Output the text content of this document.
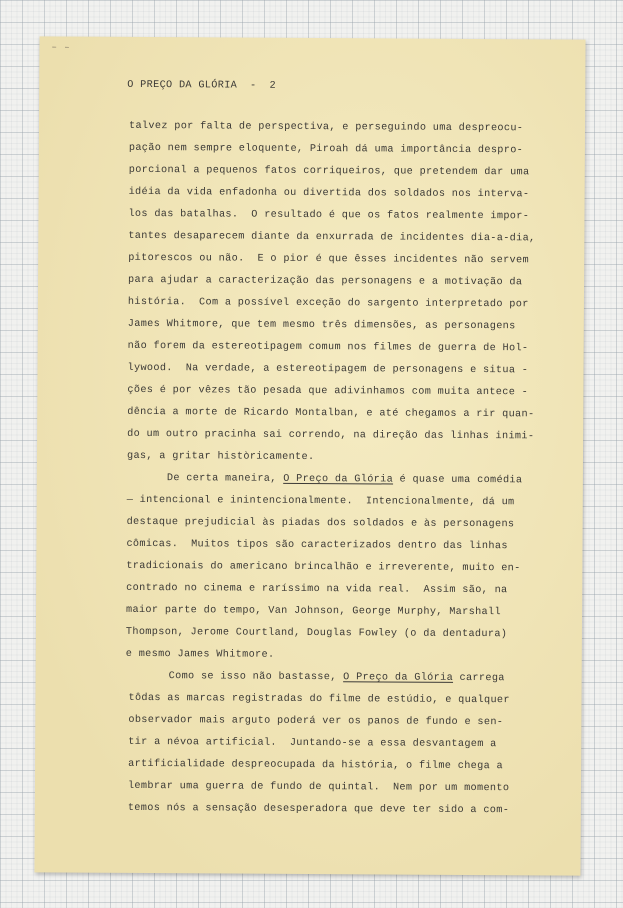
– –
O PREÇO DA GLÓRIA  -  2
talvez por falta de perspectiva, e perseguindo uma despreocu-
pação nem sempre eloquente, Piroah dá uma importância despro-
porcional a pequenos fatos corriqueiros, que pretendem dar uma
idéia da vida enfadonha ou divertida dos soldados nos interva-
los das batalhas.  O resultado é que os fatos realmente impor-
tantes desaparecem diante da enxurrada de incidentes dia-a-dia,
pitorescos ou não.  E o pior é que êsses incidentes não servem
para ajudar a caracterização das personagens e a motivação da
história.  Com a possível exceção do sargento interpretado por
James Whitmore, que tem mesmo três dimensões, as personagens
não forem da estereotipagem comum nos filmes de guerra de Hol-
lywood.  Na verdade, a estereotipagem de personagens e situa -
ções é por vêzes tão pesada que adivinhamos com muita antece -
dência a morte de Ricardo Montalban, e até chegamos a rir quan-
do um outro pracinha sai correndo, na direção das linhas inimi-
gas, a gritar històricamente.
De certa maneira, O Preço da Glória é quase uma comédia
— intencional e inintencionalmente.  Intencionalmente, dá um
destaque prejudicial às piadas dos soldados e às personagens
cômicas.  Muitos tipos são caracterizados dentro das linhas
tradicionais do americano brincalhão e irreverente, muito en-
contrado no cinema e raríssimo na vida real.  Assim são, na
maior parte do tempo, Van Johnson, George Murphy, Marshall
Thompson, Jerome Courtland, Douglas Fowley (o da dentadura)
e mesmo James Whitmore.
Como se isso não bastasse, O Preço da Glória carrega
tôdas as marcas registradas do filme de estúdio, e qualquer
observador mais arguto poderá ver os panos de fundo e sen-
tir a névoa artificial.  Juntando-se a essa desvantagem a
artificialidade despreocupada da história, o filme chega a
lembrar uma guerra de fundo de quintal.  Nem por um momento
temos nós a sensação desesperadora que deve ter sido a com-
